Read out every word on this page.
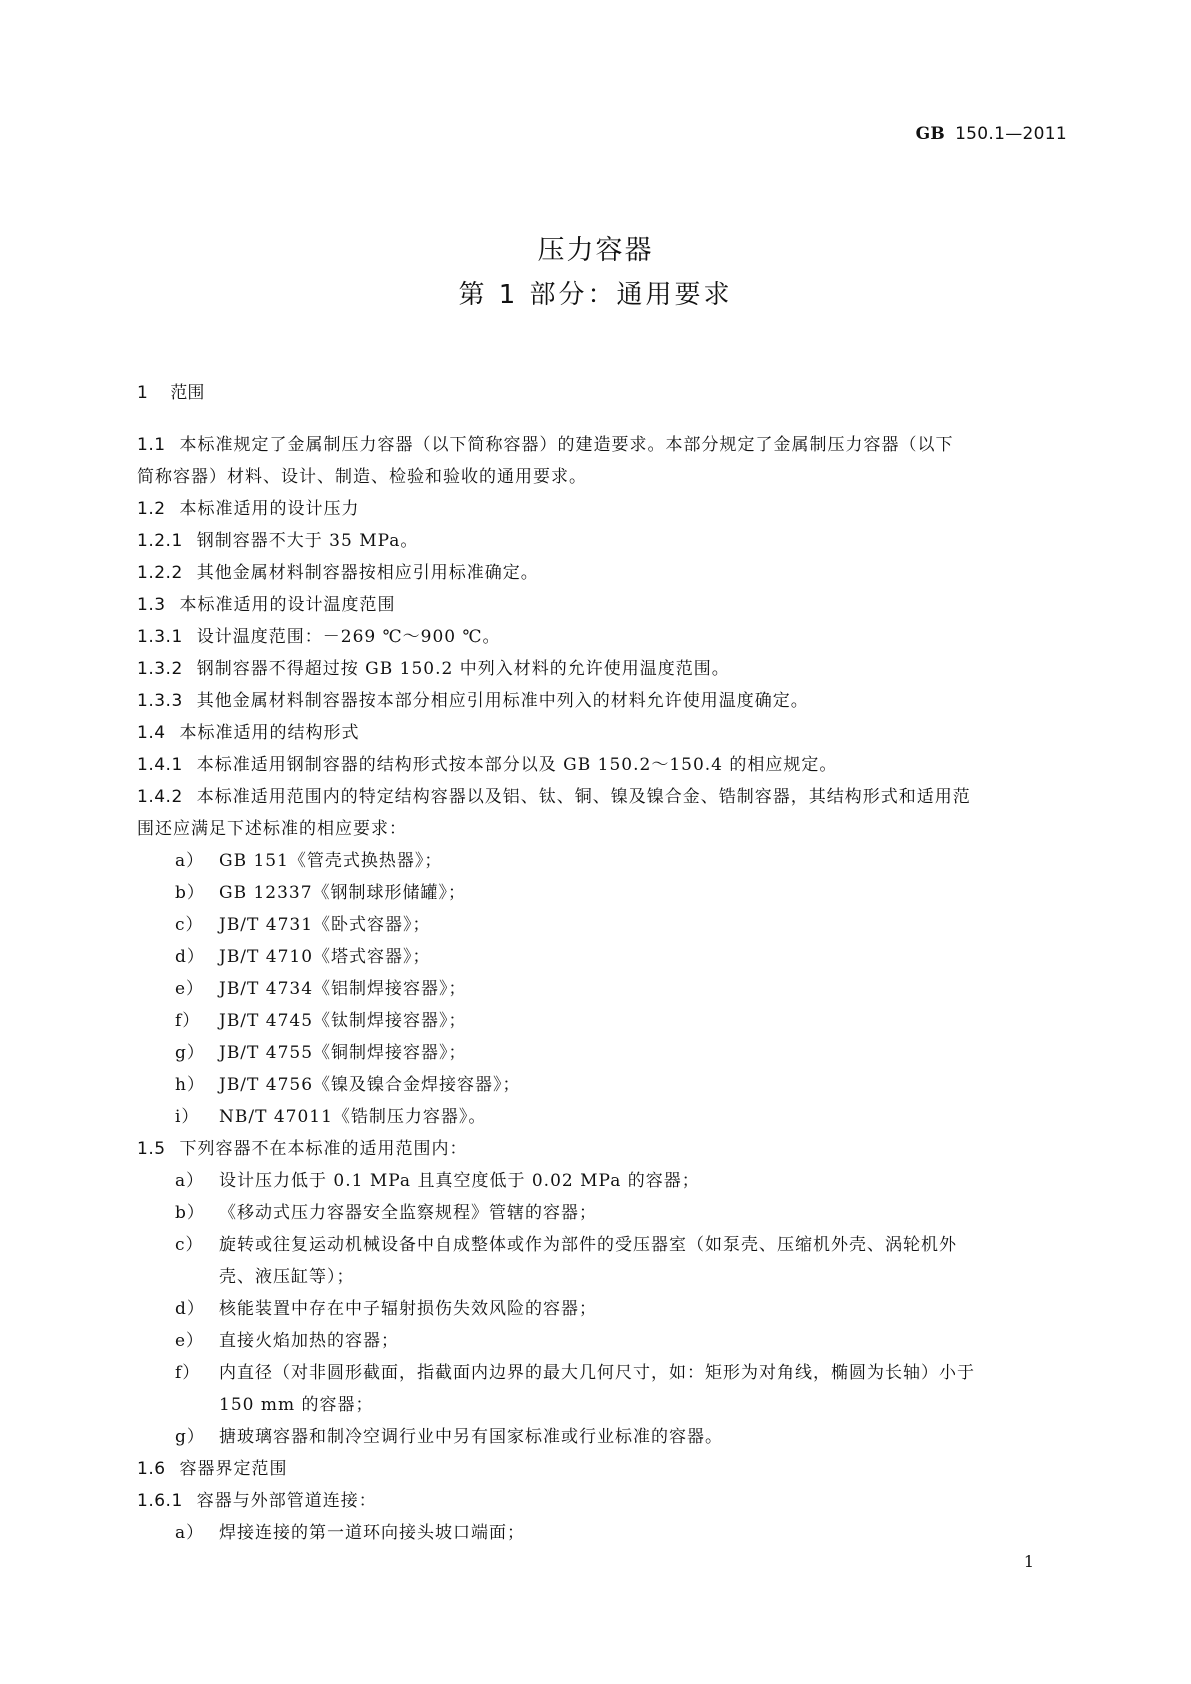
GB 150.1—2011
压力容器
第 1 部分：通用要求
1 范围
1.1 本标准规定了金属制压力容器（以下简称容器）的建造要求。本部分规定了金属制压力容器（以下
简称容器）材料、设计、制造、检验和验收的通用要求。
1.2 本标准适用的设计压力
1.2.1 钢制容器不大于 35 MPa。
1.2.2 其他金属材料制容器按相应引用标准确定。
1.3 本标准适用的设计温度范围
1.3.1 设计温度范围：－269 ℃～900 ℃。
1.3.2 钢制容器不得超过按 GB 150.2 中列入材料的允许使用温度范围。
1.3.3 其他金属材料制容器按本部分相应引用标准中列入的材料允许使用温度确定。
1.4 本标准适用的结构形式
1.4.1 本标准适用钢制容器的结构形式按本部分以及 GB 150.2～150.4 的相应规定。
1.4.2 本标准适用范围内的特定结构容器以及铝、钛、铜、镍及镍合金、锆制容器，其结构形式和适用范
围还应满足下述标准的相应要求：
a） GB 151《管壳式换热器》；
b） GB 12337《钢制球形储罐》；
c） JB/T 4731《卧式容器》；
d） JB/T 4710《塔式容器》；
e） JB/T 4734《铝制焊接容器》；
f） JB/T 4745《钛制焊接容器》；
g） JB/T 4755《铜制焊接容器》；
h） JB/T 4756《镍及镍合金焊接容器》；
i） NB/T 47011《锆制压力容器》。
1.5 下列容器不在本标准的适用范围内：
a） 设计压力低于 0.1 MPa 且真空度低于 0.02 MPa 的容器；
b） 《移动式压力容器安全监察规程》管辖的容器；
c） 旋转或往复运动机械设备中自成整体或作为部件的受压器室（如泵壳、压缩机外壳、涡轮机外
壳、液压缸等）；
d） 核能装置中存在中子辐射损伤失效风险的容器；
e） 直接火焰加热的容器；
f） 内直径（对非圆形截面，指截面内边界的最大几何尺寸，如：矩形为对角线，椭圆为长轴）小于
150 mm 的容器；
g） 搪玻璃容器和制冷空调行业中另有国家标准或行业标准的容器。
1.6 容器界定范围
1.6.1 容器与外部管道连接：
a） 焊接连接的第一道环向接头坡口端面；
1
